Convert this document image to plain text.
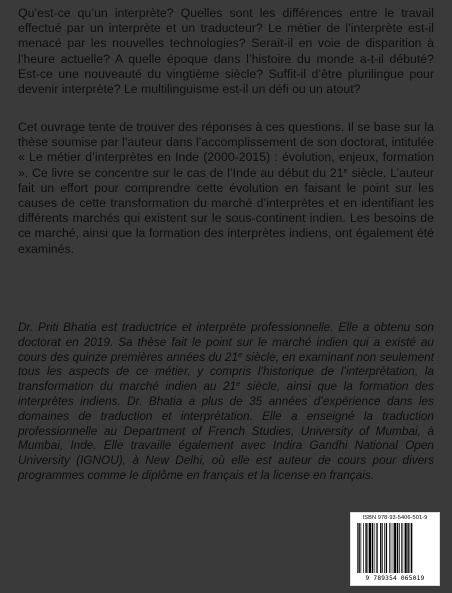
Qu’est-ce qu’un interprète? Quelles sont les différences entre le travail effectué par un interprète et un traducteur? Le métier de l’interprète est-il menacé par les nouvelles technologies? Serait-il en voie de disparition à l’heure actuelle? A quelle époque dans l’histoire du monde a-t-il débuté? Est-ce une nouveauté du vingtième siècle? Suffit-il d’être plurilingue pour devenir interprète? Le multilinguisme est-il un défi ou un atout?

Cet ouvrage tente de trouver des réponses à ces questions. Il se base sur la thèse soumise par l’auteur dans l’accomplissement de son doctorat, intitulée « Le métier d’interprètes en Inde (2000-2015) : évolution, enjeux, formation ». Ce livre se concentre sur le cas de l’Inde au début du 21e siècle. L’auteur fait un effort pour comprendre cette évolution en faisant le point sur les causes de cette transformation du marché d’interprètes et en identifiant les différents marchés qui existent sur le sous-continent indien. Les besoins de ce marché, ainsi que la formation des interprètes indiens, ont également été examinés.

Dr. Priti Bhatia est traductrice et interprète professionnelle. Elle a obtenu son doctorat en 2019. Sa thèse fait le point sur le marché indien qui a existé au cours des quinze premières années du 21e siècle, en examinant non seulement tous les aspects de ce métier, y compris l’historique de l’interprétation, la transformation du marché indien au 21e siècle, ainsi que la formation des interprètes indiens. Dr. Bhatia a plus de 35 années d’expérience dans les domaines de traduction et interprétation. Elle a enseigné la traduction professionnelle au Department of French Studies, University of Mumbai, à Mumbai, Inde. Elle travaille également avec Indira Gandhi National Open University (IGNOU), à New Delhi, où elle est auteur de cours pour divers programmes comme le diplôme en français et la license en français.

ISBN 978-93-5406-501-9
9 789354 065019
